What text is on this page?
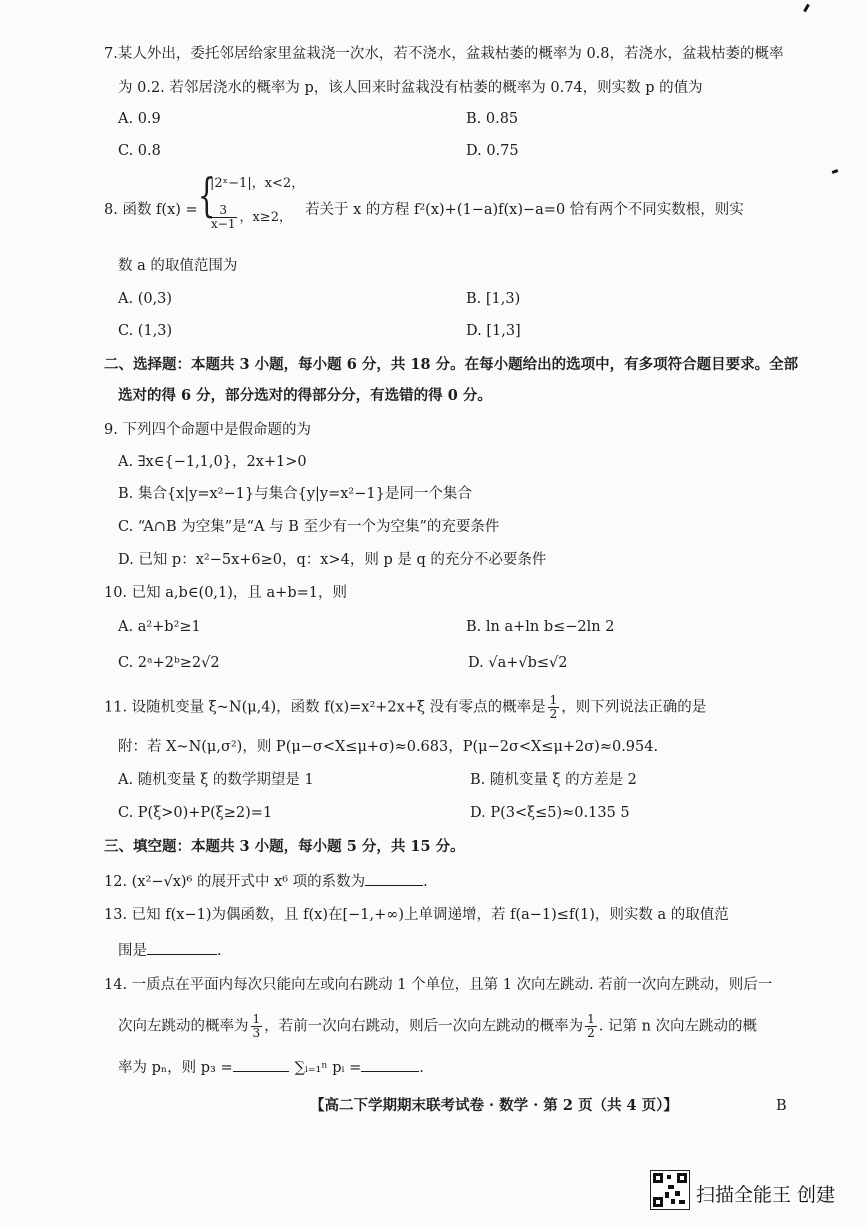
7.某人外出，委托邻居给家里盆栽浇一次水，若不浇水，盆栽枯萎的概率为 0.8，若浇水，盆栽枯萎的概率
为 0.2. 若邻居浇水的概率为 p，该人回来时盆栽没有枯萎的概率为 0.74，则实数 p 的值为
A. 0.9	B. 0.85
C. 0.8	D. 0.75
8. 函数 f(x) = {
|2ˣ−1|，x<2，
$\frac{3}{x-1}$ ，x≥2， 若关于 x 的方程 f²(x)+(1−a)f(x)−a=0 恰有两个不同实数根，则实
数 a 的取值范围为
A. (0,3)	B. [1,3)
C. (1,3)	D. [1,3]
二、选择题：本题共 3 小题，每小题 6 分，共 18 分。在每小题给出的选项中，有多项符合题目要求。全部
选对的得 6 分，部分选对的得部分分，有选错的得 0 分。
9. 下列四个命题中是假命题的为
A. ∃x∈{−1,1,0}，2x+1>0
B. 集合{x|y=x²−1}与集合{y|y=x²−1}是同一个集合
C. “A∩B 为空集”是“A 与 B 至少有一个为空集”的充要条件
D. 已知 p：x²−5x+6≥0，q：x>4，则 p 是 q 的充分不必要条件
10. 已知 a,b∈(0,1)，且 a+b=1，则
A. a²+b²≥1	B. ln a+ln b≤−2ln 2
C. 2ᵃ+2ᵇ≥2√2	D. √a+√b≤√2
11. 设随机变量 ξ~N(μ,4)，函数 f(x)=x²+2x+ξ 没有零点的概率是 $\frac{1}{2}$ ，则下列说法正确的是
附：若 X~N(μ,σ²)，则 P(μ−σ<X≤μ+σ)≈0.683，P(μ−2σ<X≤μ+2σ)≈0.954.
A. 随机变量 ξ 的数学期望是 1	B. 随机变量 ξ 的方差是 2
C. P(ξ>0)+P(ξ≥2)=1	D. P(3<ξ≤5)≈0.135 5
三、填空题：本题共 3 小题，每小题 5 分，共 15 分。
12. (x²−√x)⁶ 的展开式中 x⁶ 项的系数为	.
13. 已知 f(x−1)为偶函数，且 f(x)在[−1,+∞)上单调递增，若 f(a−1)≤f(1)，则实数 a 的取值范
围是	.
14. 一质点在平面内每次只能向左或向右跳动 1 个单位，且第 1 次向左跳动. 若前一次向左跳动，则后一
次向左跳动的概率为 $\frac{1}{3}$ ，若前一次向右跳动，则后一次向左跳动的概率为 $\frac{1}{2}$ . 记第 n 次向左跳动的概
率为 pₙ，则 p₃ =	∑ᵢ₌₁ⁿ pᵢ =	.
【高二下学期期末联考试卷 · 数学 · 第 2 页（共 4 页）】	B
扫描全能王 创建
